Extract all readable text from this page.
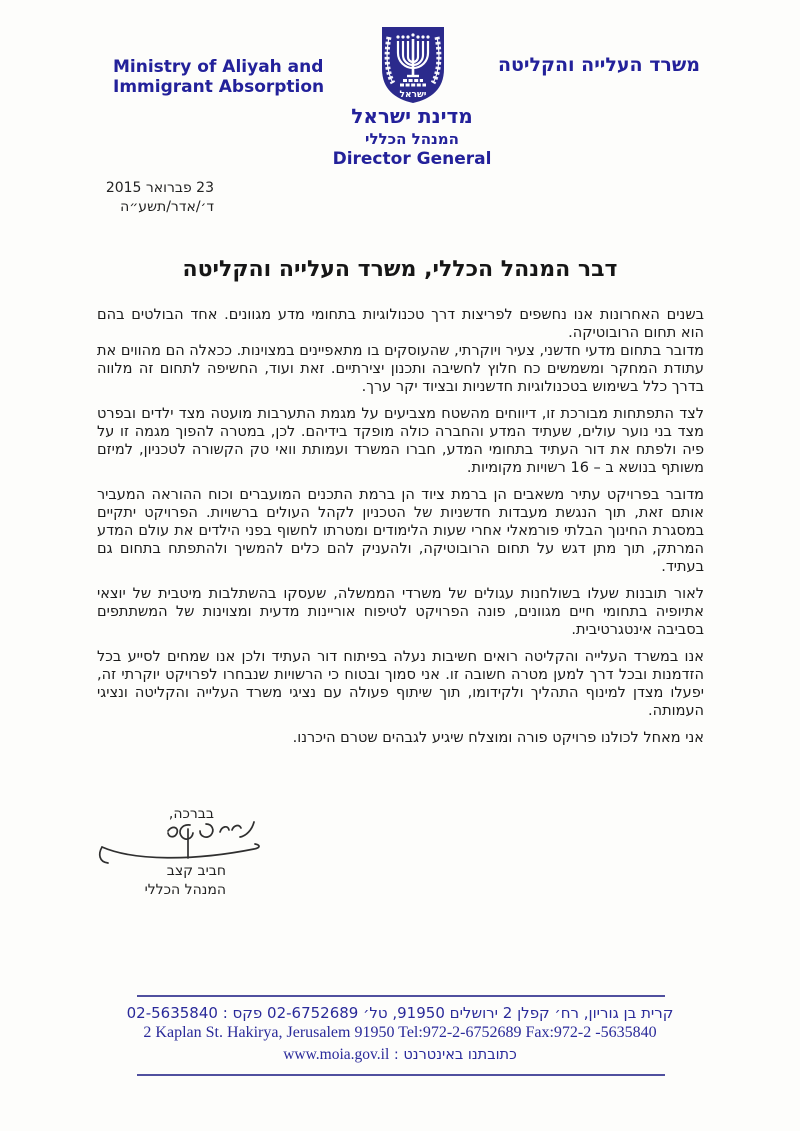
Ministry of Aliyah and
Immigrant Absorption	ישראל
משרד העלייה והקליטה
מדינת ישראל
המנהל הכללי
Director General
23 פברואר 2015
ד׳/אדר/תשע״ה
דבר המנהל הכללי, משרד העלייה והקליטה

בשנים האחרונות אנו נחשפים לפריצות דרך טכנולוגיות בתחומי מדע מגוונים. אחד הבולטים בהם הוא תחום הרובוטיקה.

מדובר בתחום מדעי חדשני, צעיר ויוקרתי, שהעוסקים בו מתאפיינים במצוינות. ככאלה הם מהווים את עתודת המחקר ומשמשים כח חלוץ לחשיבה ותכנון יצירתיים. זאת ועוד, החשיפה לתחום זה מלווה בדרך כלל בשימוש בטכנולוגיות חדשניות ובציוד יקר ערך.

לצד התפתחות מבורכת זו, דיווחים מהשטח מצביעים על מגמת התערבות מועטה מצד ילדים ובפרט מצד בני נוער עולים, שעתיד המדע והחברה כולה מופקד בידיהם. לכן, במטרה להפוך מגמה זו על פיה ולפתח את דור העתיד בתחומי המדע, חברו המשרד ועמותת וואי טק הקשורה לטכניון, למיזם משותף בנושא ב – 16 רשויות מקומיות.

מדובר בפרויקט עתיר משאבים הן ברמת ציוד הן ברמת התכנים המועברים וכוח ההוראה המעביר אותם זאת, תוך הנגשת מעבדות חדשניות של הטכניון לקהל העולים ברשויות. הפרויקט יתקיים במסגרת החינוך הבלתי פורמאלי אחרי שעות הלימודים ומטרתו לחשוף בפני הילדים את עולם המדע המרתק, תוך מתן דגש על תחום הרובוטיקה, ולהעניק להם כלים להמשיך ולהתפתח בתחום גם בעתיד.

לאור תובנות שעלו בשולחנות עגולים של משרדי הממשלה, שעסקו בהשתלבות מיטבית של יוצאי אתיופיה בתחומי חיים מגוונים, פונה הפרויקט לטיפוח אוריינות מדעית ומצוינות של המשתתפים בסביבה אינטגרטיבית.

אנו במשרד העלייה והקליטה רואים חשיבות נעלה בפיתוח דור העתיד ולכן אנו שמחים לסייע בכל הזדמנות ובכל דרך למען מטרה חשובה זו. אני סמוך ובטוח כי הרשויות שנבחרו לפרויקט יוקרתי זה, יפעלו מצדן למינוף התהליך ולקידומו, תוך שיתוף פעולה עם נציגי משרד העלייה והקליטה ונציגי העמותה.

אני מאחל לכולנו פרויקט פורה ומוצלח שיגיע לגבהים שטרם היכרנו.

בברכה,
חביב קצב
המנהל הכללי
קרית בן גוריון, רח׳ קפלן 2 ירושלים 91950, טל׳ 02-6752689 פקס : 02-5635840
2 Kaplan St. Hakirya, Jerusalem 91950 Tel:972-2-6752689 Fax:972-2 -5635840
כתובתנו באינטרנט : www.moia.gov.il
